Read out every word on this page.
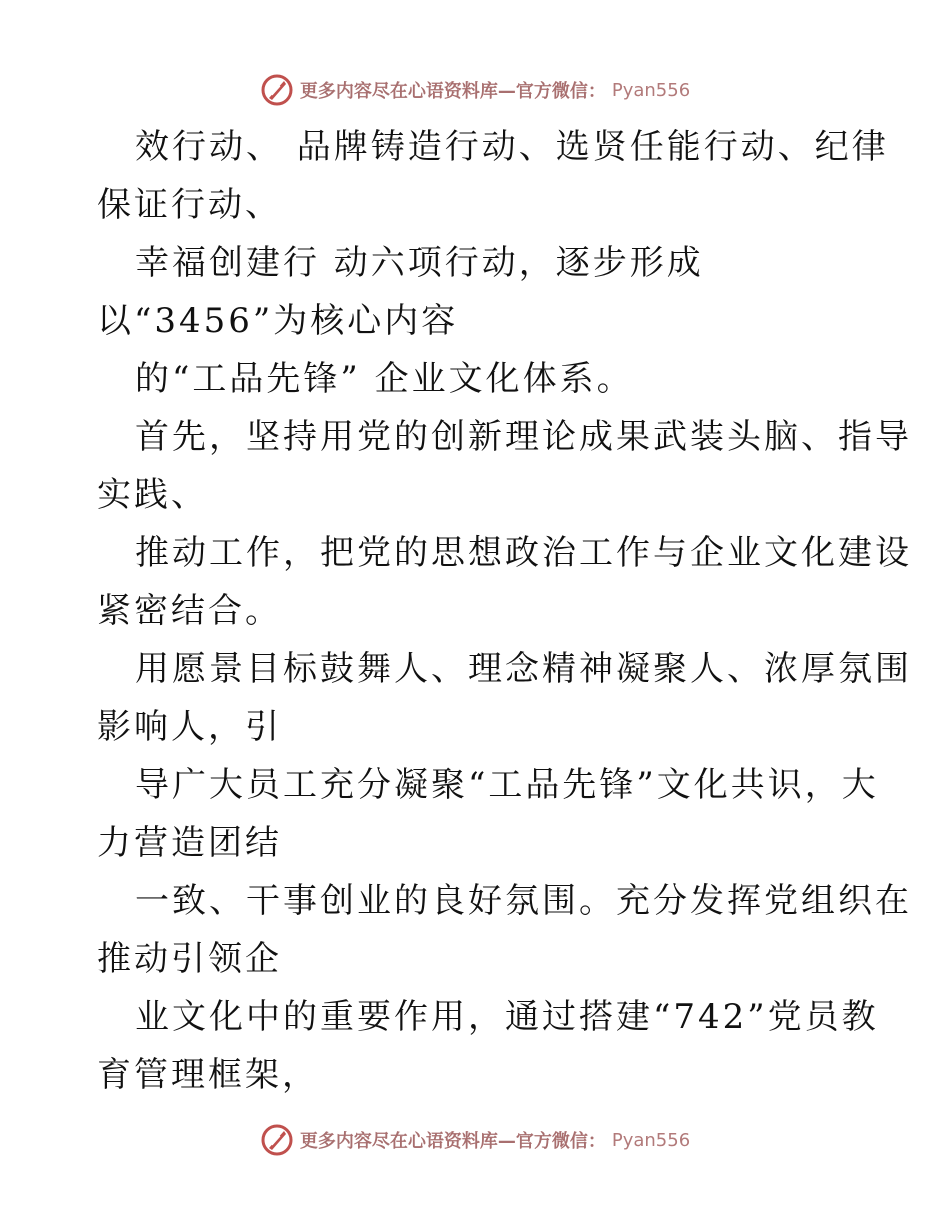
更多内容尽在心语资料库—官方微信： Pyan556
效行动、 品牌铸造行动、选贤任能行动、纪律
保证行动、
幸福创建行 动六项行动，逐步形成
以“3456”为核心内容
的“工品先锋” 企业文化体系。
首先，坚持用党的创新理论成果武装头脑、指导
实践、
推动工作，把党的思想政治工作与企业文化建设
紧密结合。
用愿景目标鼓舞人、理念精神凝聚人、浓厚氛围
影响人，引
导广大员工充分凝聚“工品先锋”文化共识，大
力营造团结
一致、干事创业的良好氛围。充分发挥党组织在
推动引领企
业文化中的重要作用，通过搭建“742”党员教
育管理框架，
更多内容尽在心语资料库—官方微信： Pyan556
